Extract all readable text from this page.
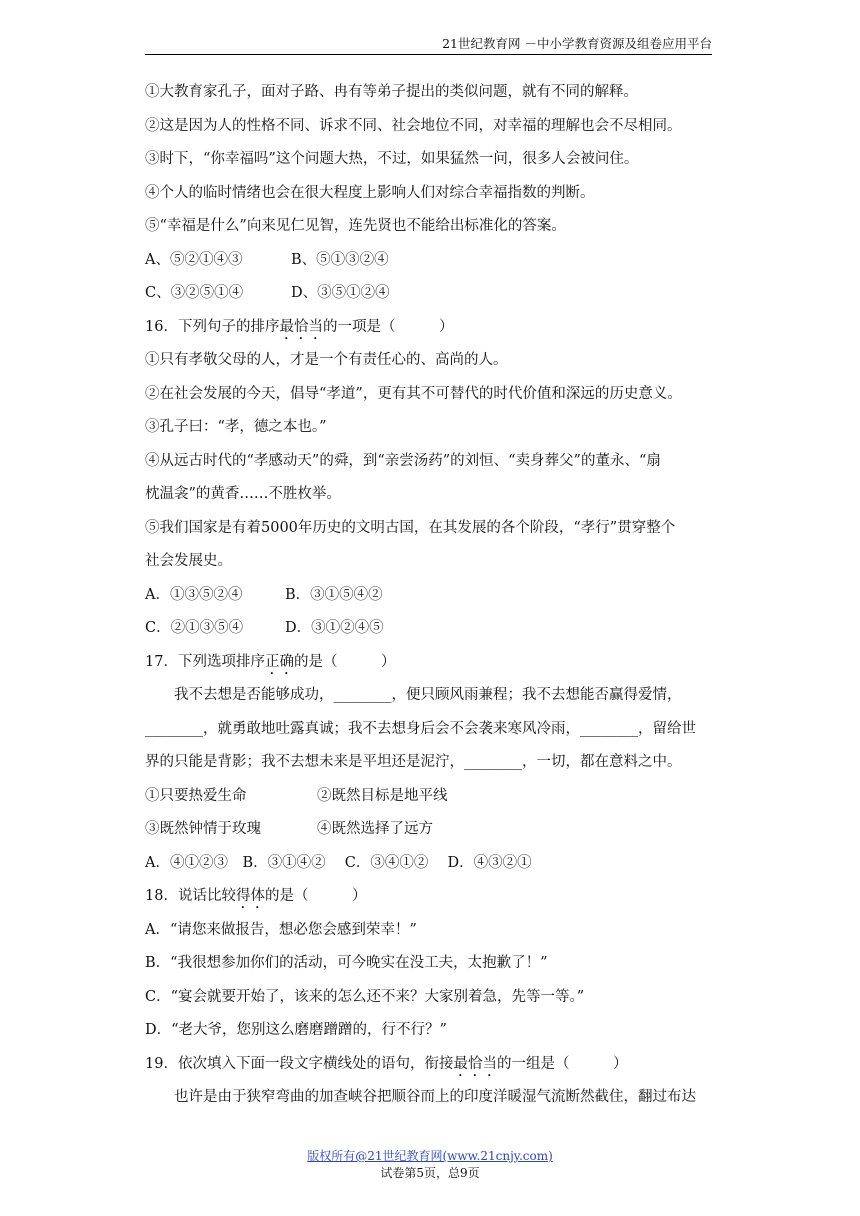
21世纪教育网 －中小学教育资源及组卷应用平台
①大教育家孔子，面对子路、冉有等弟子提出的类似问题，就有不同的解释。
②这是因为人的性格不同、诉求不同、社会地位不同，对幸福的理解也会不尽相同。
③时下，“你幸福吗”这个问题大热，不过，如果猛然一问，很多人会被问住。
④个人的临时情绪也会在很大程度上影响人们对综合幸福指数的判断。
⑤“幸福是什么”向来见仁见智，连先贤也不能给出标准化的答案。
A、⑤②①④③	B、⑤①③②④
C、③②⑤①④	D、③⑤①②④
16．下列句子的排序最恰当的一项是（　　　）
①只有孝敬父母的人，才是一个有责任心的、高尚的人。
②在社会发展的今天，倡导“孝道”，更有其不可替代的时代价值和深远的历史意义。
③孔子曰：“孝，德之本也。”
④从远古时代的“孝感动天”的舜，到“亲尝汤药”的刘恒、“卖身葬父”的董永、“扇
枕温衾”的黄香……不胜枚举。
⑤我们国家是有着5000年历史的文明古国，在其发展的各个阶段，“孝行”贯穿整个
社会发展史。
A．①③⑤②④	B．③①⑤④②
C．②①③⑤④	D．③①②④⑤
17．下列选项排序正确的是（　　　）
我不去想是否能够成功，________，便只顾风雨兼程；我不去想能否赢得爱情，
________，就勇敢地吐露真诚；我不去想身后会不会袭来寒风冷雨，________，留给世
界的只能是背影；我不去想未来是平坦还是泥泞，________，一切，都在意料之中。
①只要热爱生命	②既然目标是地平线
③既然钟情于玫瑰	④既然选择了远方
A．④①②③　B．③①④②　 C．③④①②　 D．④③②①
18．说话比较得体的是（　　　）
A．“请您来做报告，想必您会感到荣幸！”
B．“我很想参加你们的活动，可今晚实在没工夫，太抱歉了！”
C．“宴会就要开始了，该来的怎么还不来？大家别着急，先等一等。”
D．“老大爷，您别这么磨磨蹭蹭的，行不行？”
19．依次填入下面一段文字横线处的语句，衔接最恰当的一组是（　　　）
也许是由于狭窄弯曲的加查峡谷把顺谷而上的印度洋暖湿气流断然截住，翻过布达
版权所有@21世纪教育网(www.21cnjy.com)
试卷第5页，总9页
